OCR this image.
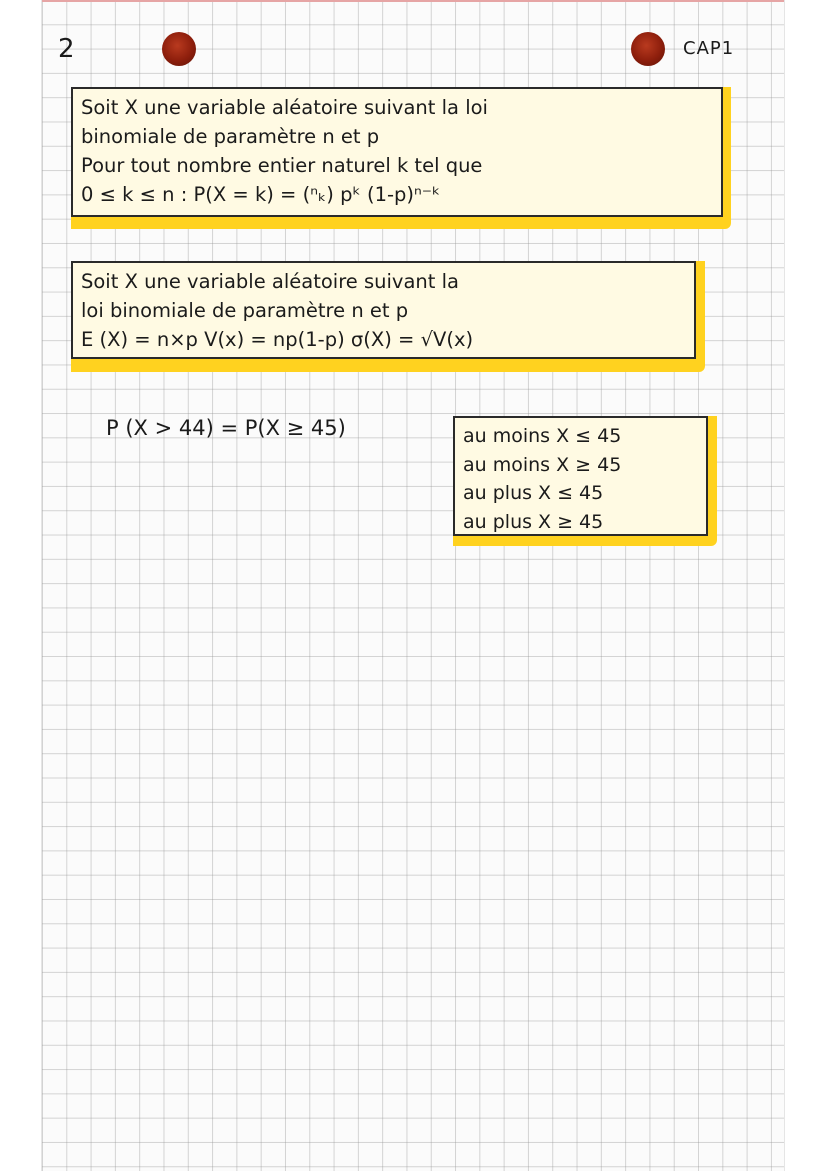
2	CAP1
Soit X une variable aléatoire suivant la loi
binomiale de paramètre n et p
Pour tout nombre entier naturel k tel que
0 ≤ k ≤ n : P(X = k) = (ⁿₖ) pᵏ (1-p)ⁿ⁻ᵏ
Soit X une variable aléatoire suivant la
loi binomiale de paramètre n et p
E (X) = n×p V(x) = np(1-p) σ(X) = √V(x)
P (X > 44) = P(X ≥ 45)	au moins X ≤ 45
au moins X ≥ 45
au plus X ≤ 45
au plus X ≥ 45
